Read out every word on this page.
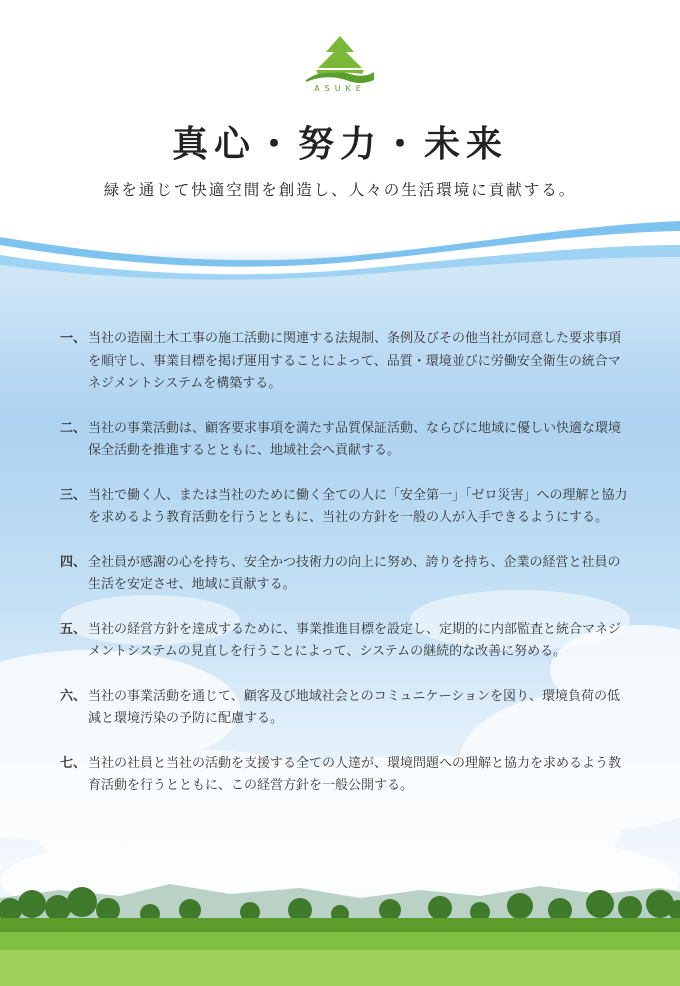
ASUKE
真心・努力・未来
緑を通じて快適空間を創造し、人々の生活環境に貢献する。
一、 当社の造園土木工事の施工活動に関連する法規制、条例及びその他当社が同意した要求事項を順守し、事業目標を掲げ運用することによって、品質・環境並びに労働安全衛生の統合マネジメントシステムを構築する。
二、 当社の事業活動は、顧客要求事項を満たす品質保証活動、ならびに地域に優しい快適な環境保全活動を推進するとともに、地域社会へ貢献する。
三、 当社で働く人、または当社のために働く全ての人に「安全第一」「ゼロ災害」への理解と協力を求めるよう教育活動を行うとともに、当社の方針を一般の人が入手できるようにする。
四、 全社員が感謝の心を持ち、安全かつ技術力の向上に努め、誇りを持ち、企業の経営と社員の生活を安定させ、地域に貢献する。
五、 当社の経営方針を達成するために、事業推進目標を設定し、定期的に内部監査と統合マネジメントシステムの見直しを行うことによって、システムの継続的な改善に努める。
六、 当社の事業活動を通じて、顧客及び地域社会とのコミュニケーションを図り、環境負荷の低減と環境汚染の予防に配慮する。
七、 当社の社員と当社の活動を支援する全ての人達が、環境問題への理解と協力を求めるよう教育活動を行うとともに、この経営方針を一般公開する。
